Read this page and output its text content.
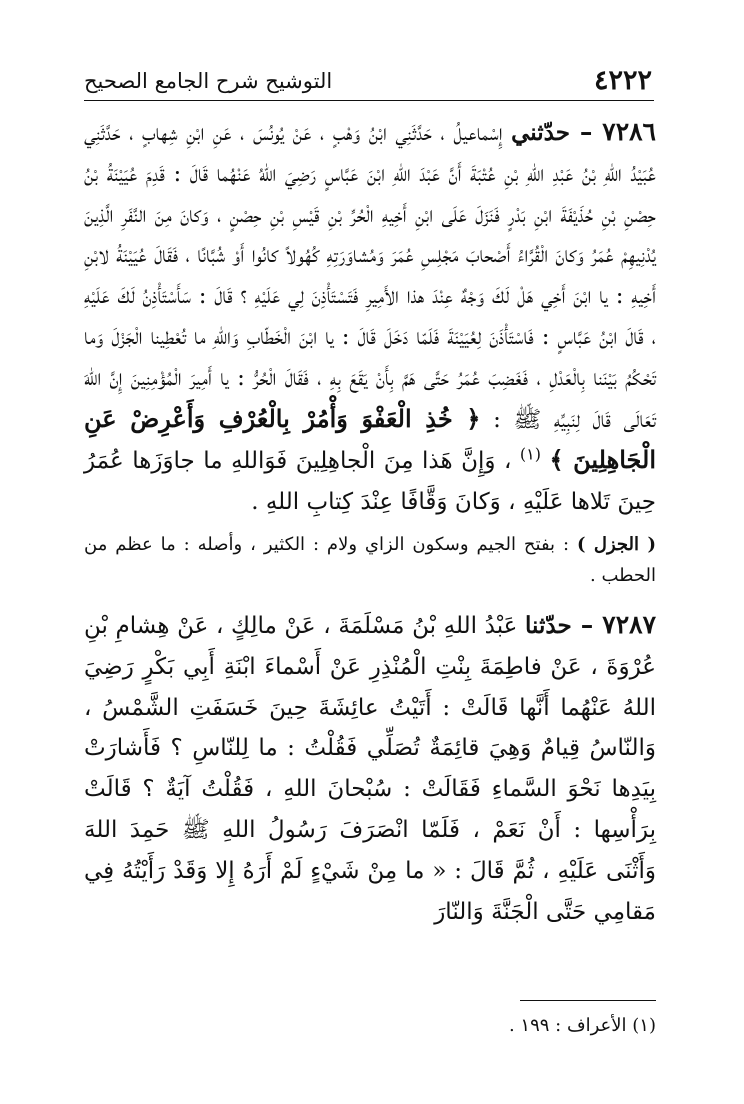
٤٢٢٢
التوشيح شرح الجامع الصحيح

٧٢٨٦ – حدّثني إِسْماعيلُ ، حَدَّثَنِي ابْنُ وَهْبٍ ، عَنْ يُونُسَ ، عَنِ ابْنِ شِهابٍ ، حَدَّثَنِي عُبَيْدُ اللهِ بْنُ عَبْدِ اللهِ بْنِ عُتْبَةَ أَنَّ عَبْدَ اللهِ ابْنَ عَبَّاسٍ رَضِيَ اللهُ عَنْهُما قَالَ : قَدِمَ عُيَيْنَةُ بْنُ حِصْنِ بْنِ حُذَيْفَةَ ابْنِ بَدْرٍ فَنَزَلَ عَلَى ابْنِ أَخِيهِ الْحُرِّ بْنِ قَيْسِ بْنِ حِصْنٍ ، وَكانَ مِنَ النَّفَرِ الَّذِينَ يُدْنِيهِمْ عُمَرُ وَكانَ الْقُرَّاءُ أَصْحابَ مَجْلِسِ عُمَرَ وَمُشاوَرَتِهِ كُهُولاً كانُوا أَوْ شُبَّانًا ، فَقَالَ عُيَيْنَةُ لابْنِ أَخِيهِ : يا ابْنَ أَخِي هَلْ لَكَ وَجْهٌ عِنْدَ هذا الأَمِيرِ فَتَسْتَأْذِنَ لِي عَلَيْهِ ؟ قَالَ : سَأَسْتَأْذِنُ لَكَ عَلَيْهِ ، قَالَ ابْنُ عَبَّاسٍ : فَاسْتَأْذَنَ لِعُيَيْنَةَ فَلَمّا دَخَلَ قَالَ : يا ابْنَ الْخَطّابِ وَاللهِ ما تُعْطِينا الْجَزْلَ وَما تَحْكُمُ بَيْنَنا بِالْعَدْلِ ، فَغَضِبَ عُمَرُ حَتَّى هَمَّ بِأَنْ يَقَعَ بِهِ ، فَقَالَ الْحُرُّ : يا أَمِيرَ الْمُؤْمِنِينَ إِنَّ اللهَ تَعَالَى قَالَ لِنَبِيِّهِ ﷺ : ﴿ خُذِ الْعَفْوَ وَأْمُرْ بِالْعُرْفِ وَأَعْرِضْ عَنِ الْجَاهِلِينَ ﴾ $^{(١)}$ ، وَإِنَّ هَذا مِنَ الْجاهِلِينَ فَوَاللهِ ما جاوَزَها عُمَرُ حِينَ تَلاها عَلَيْهِ ، وَكانَ وَقَّافًا عِنْدَ كِتابِ اللهِ .

( الجزل ) : بفتح الجيم وسكون الزاي ولام : الكثير ، وأصله : ما عظم من الحطب .

٧٢٨٧ – حدّثنا عَبْدُ اللهِ بْنُ مَسْلَمَةَ ، عَنْ مالِكٍ ، عَنْ هِشامِ بْنِ عُرْوَةَ ، عَنْ فاطِمَةَ بِنْتِ الْمُنْذِرِ عَنْ أَسْماءَ ابْنَةِ أَبِي بَكْرٍ رَضِيَ اللهُ عَنْهُما أَنَّها قَالَتْ : أَتَيْتُ عائِشَةَ حِينَ خَسَفَتِ الشَّمْسُ ، وَالنّاسُ قِيامٌ وَهِيَ قائِمَةٌ تُصَلِّي فَقُلْتُ : ما لِلنّاسِ ؟ فَأَشارَتْ بِيَدِها نَحْوَ السَّماءِ فَقَالَتْ : سُبْحانَ اللهِ ، فَقُلْتُ آيَةٌ ؟ قَالَتْ بِرَأْسِها : أَنْ نَعَمْ ، فَلَمّا انْصَرَفَ رَسُولُ اللهِ ﷺ حَمِدَ اللهَ وَأَثْنَى عَلَيْهِ ، ثُمَّ قَالَ : « ما مِنْ شَيْءٍ لَمْ أَرَهُ إِلا وَقَدْ رَأَيْتُهُ فِي مَقامِي حَتَّى الْجَنَّةَ وَالنّارَ

(١) الأعراف : ١٩٩ .
